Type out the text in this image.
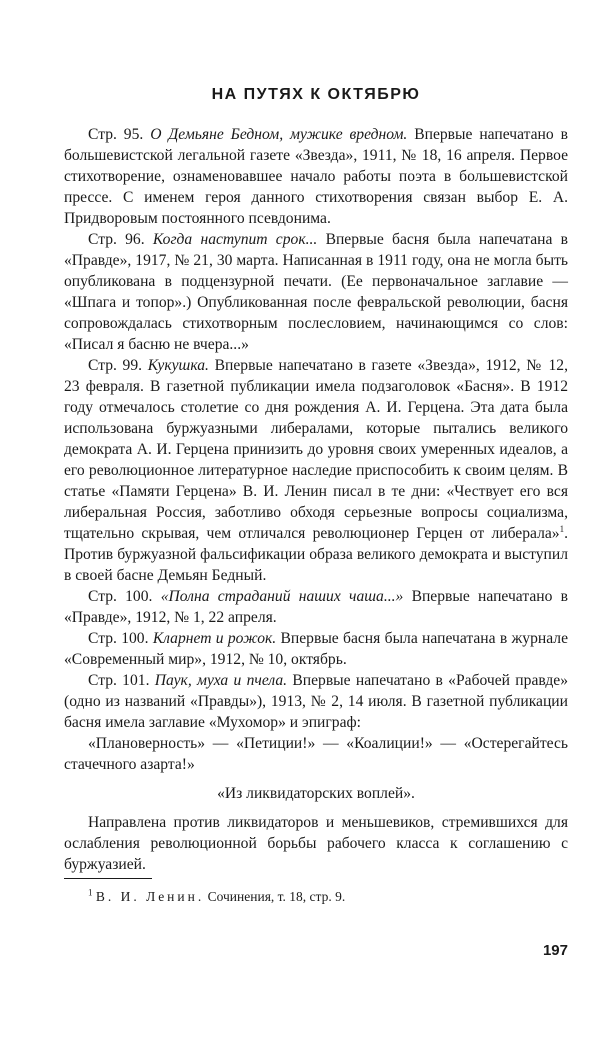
НА ПУТЯХ К ОКТЯБРЮ

Стр. 95. О Демьяне Бедном, мужике вредном. Впервые напечатано в большевистской легальной газете «Звезда», 1911, № 18, 16 апреля. Первое стихотворение, ознаменовавшее начало работы поэта в большевистской прессе. С именем героя данного стихотворения связан выбор Е. А. Придворовым постоянного псевдонима.

Стр. 96. Когда наступит срок... Впервые басня была напечатана в «Правде», 1917, № 21, 30 марта. Написанная в 1911 году, она не могла быть опубликована в подцензурной печати. (Ее первоначальное заглавие — «Шпага и топор».) Опубликованная после февральской революции, басня сопровождалась стихотворным послесловием, начинающимся со слов: «Писал я басню не вчера...»

Стр. 99. Кукушка. Впервые напечатано в газете «Звезда», 1912, № 12, 23 февраля. В газетной публикации имела подзаголовок «Басня». В 1912 году отмечалось столетие со дня рождения А. И. Герцена. Эта дата была использована буржуазными либералами, которые пытались великого демократа А. И. Герцена принизить до уровня своих умеренных идеалов, а его революционное литературное наследие приспособить к своим целям. В статье «Памяти Герцена» В. И. Ленин писал в те дни: «Чествует его вся либеральная Россия, заботливо обходя серьезные вопросы социализма, тщательно скрывая, чем отличался революционер Герцен от либерала»$^1$. Против буржуазной фальсификации образа великого демократа и выступил в своей басне Демьян Бедный.

Стр. 100. «Полна страданий наших чаша...» Впервые напечатано в «Правде», 1912, № 1, 22 апреля.

Стр. 100. Кларнет и рожок. Впервые басня была напечатана в журнале «Современный мир», 1912, № 10, октябрь.

Стр. 101. Паук, муха и пчела. Впервые напечатано в «Рабочей правде» (одно из названий «Правды»), 1913, № 2, 14 июля. В газетной публикации басня имела заглавие «Мухомор» и эпиграф:

«Плановерность» — «Петиции!» — «Коалиции!» — «Остерегайтесь стачечного азарта!»

«Из ликвидаторских воплей».

Направлена против ликвидаторов и меньшевиков, стремившихся для ослабления революционной борьбы рабочего класса к соглашению с буржуазией.

$^1$ В. И. Ленин. Сочинения, т. 18, стр. 9.
197
